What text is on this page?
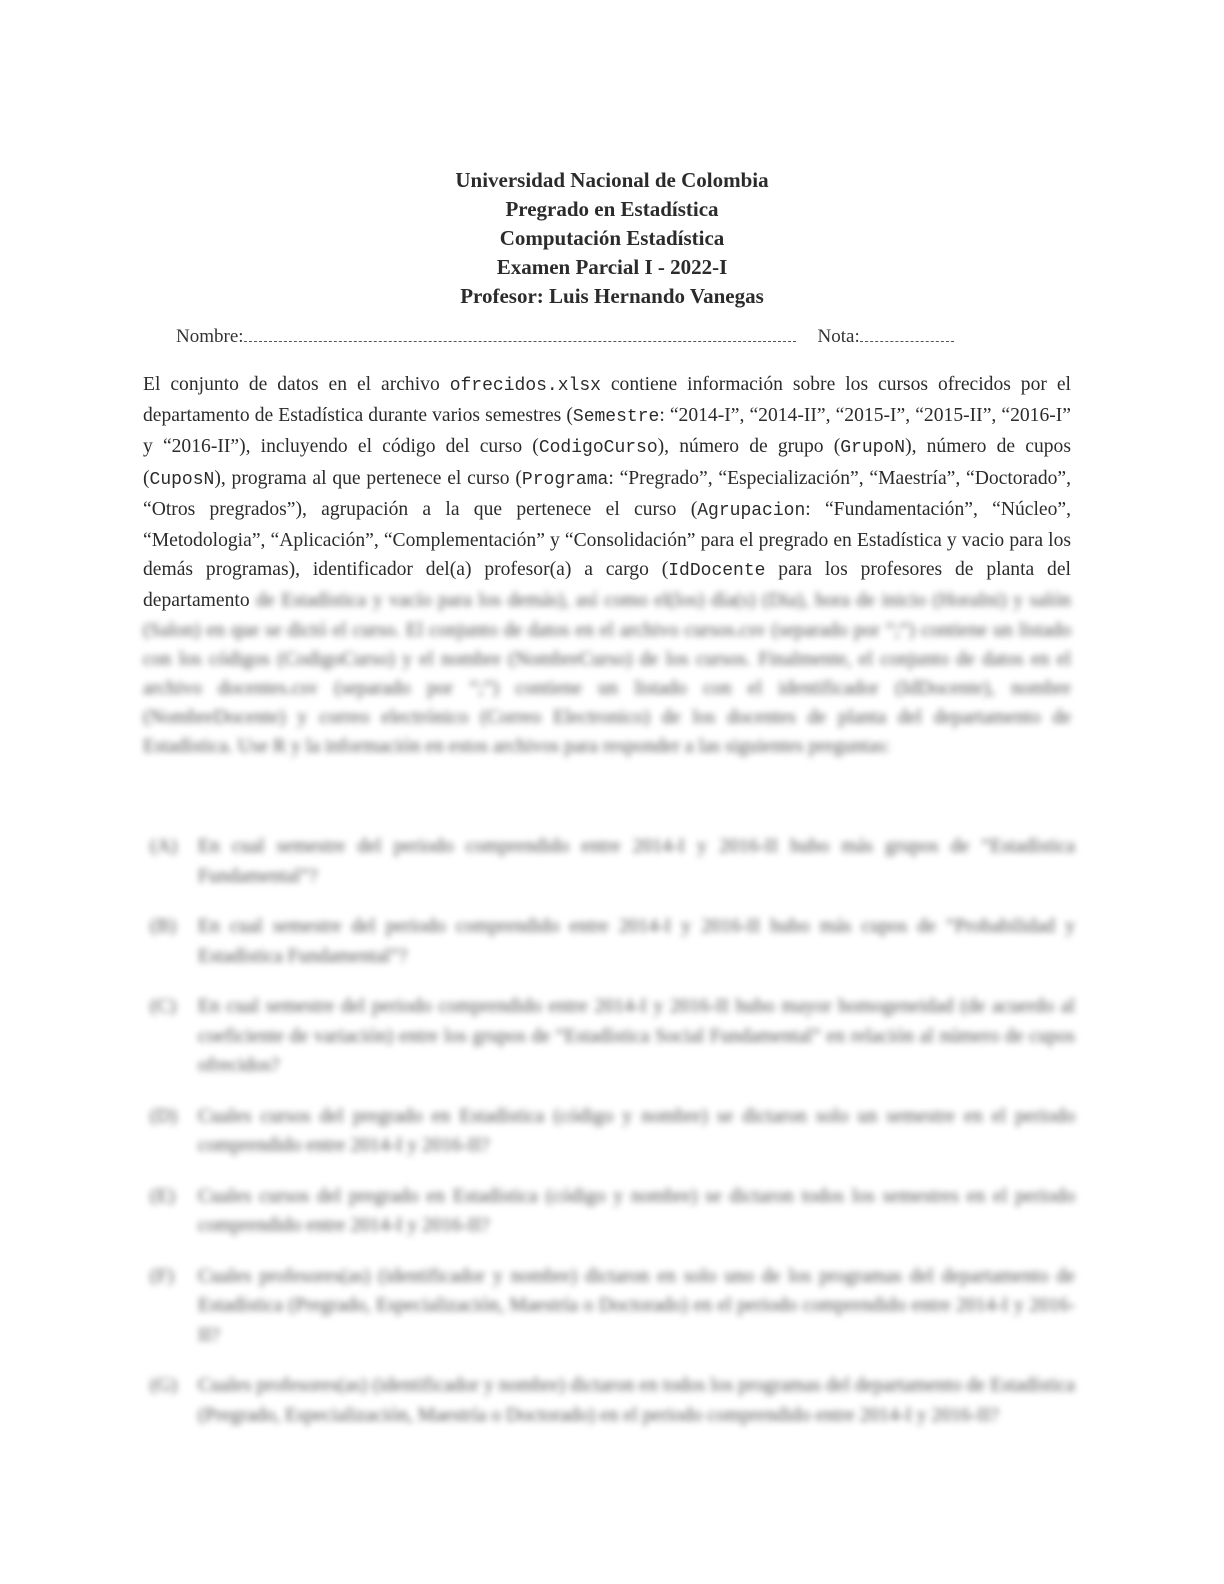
Universidad Nacional de Colombia
Pregrado en Estadística
Computación Estadística
Examen Parcial I - 2022-I
Profesor: Luis Hernando Vanegas
Nombre:	Nota:
El conjunto de datos en el archivo ofrecidos.xlsx contiene información sobre los cursos ofrecidos por el departamento de Estadística durante varios semestres (Semestre: “2014-I”, “2014-II”, “2015-I”, “2015-II”, “2016-I” y “2016-II”), incluyendo el código del curso (CodigoCurso), número de grupo (GrupoN), número de cupos (CuposN), programa al que pertenece el curso (Programa: “Pregrado”, “Especialización”, “Maestría”, “Doctorado”, “Otros pregrados”), agrupación a la que pertenece el curso (Agrupacion: “Fundamentación”, “Núcleo”, “Metodologia”, “Aplicación”, “Complementación” y “Consolidación” para el pregrado en Estadística y vacio para los demás programas), identificador del(a) profesor(a) a cargo (IdDocente para los profesores de planta del departamento de Estadística y vacío para los demás), así como el(los) día(s) (Dia), hora de inicio (HoraIni) y salón (Salon) en que se dictó el curso. El conjunto de datos en el archivo cursos.csv (separado por “;”) contiene un listado con los códigos (CodigoCurso) y el nombre (NombreCurso) de los cursos. Finalmente, el conjunto de datos en el archivo docentes.csv (separado por “;”) contiene un listado con el identificador (IdDocente), nombre (NombreDocente) y correo electrónico (Correo Electronico) de los docentes de planta del departamento de Estadística. Use R y la información en estos archivos para responder a las siguientes preguntas:
(A)	En cual semestre del periodo comprendido entre 2014-I y 2016-II hubo más grupos de “Estadística Fundamental”?
(B)	En cual semestre del periodo comprendido entre 2014-I y 2016-II hubo más cupos de “Probabilidad y Estadística Fundamental”?
(C)	En cual semestre del periodo comprendido entre 2014-I y 2016-II hubo mayor homogeneidad (de acuerdo al coeficiente de variación) entre los grupos de “Estadística Social Fundamental” en relación al número de cupos ofrecidos?
(D)	Cuales cursos del pregrado en Estadística (código y nombre) se dictaron solo un semestre en el periodo comprendido entre 2014-I y 2016-II?
(E)	Cuales cursos del pregrado en Estadística (código y nombre) se dictaron todos los semestres en el periodo comprendido entre 2014-I y 2016-II?
(F)	Cuales profesores(as) (identificador y nombre) dictaron en solo uno de los programas del departamento de Estadística (Pregrado, Especialización, Maestría o Doctorado) en el periodo comprendido entre 2014-I y 2016-II?
(G)	Cuales profesores(as) (identificador y nombre) dictaron en todos los programas del departamento de Estadística (Pregrado, Especialización, Maestría o Doctorado) en el periodo comprendido entre 2014-I y 2016-II?
